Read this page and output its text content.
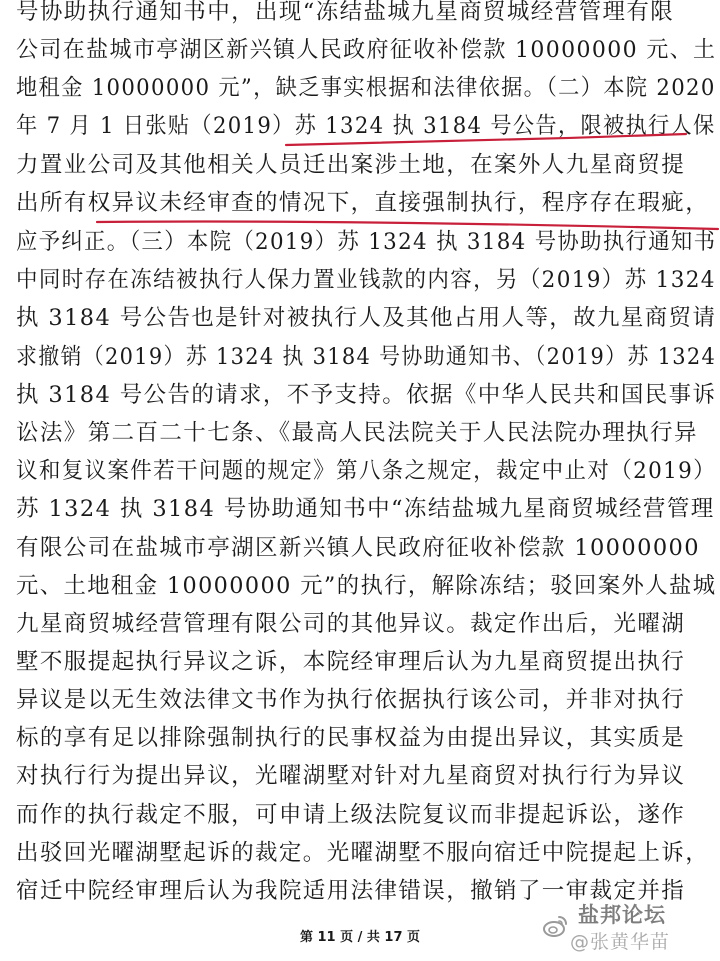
号协助执行通知书中，出现“冻结盐城九星商贸城经营管理有限
公司在盐城市亭湖区新兴镇人民政府征收补偿款 10000000 元、土
地租金 10000000 元”，缺乏事实根据和法律依据。（二）本院 2020
年 7 月 1 日张贴（2019）苏 1324 执 3184 号公告，限被执行人保
力置业公司及其他相关人员迁出案涉土地，在案外人九星商贸提
出所有权异议未经审查的情况下，直接强制执行，程序存在瑕疵，
应予纠正。（三）本院（2019）苏 1324 执 3184 号协助执行通知书
中同时存在冻结被执行人保力置业钱款的内容，另（2019）苏 1324
执 3184 号公告也是针对被执行人及其他占用人等，故九星商贸请
求撤销（2019）苏 1324 执 3184 号协助通知书、（2019）苏 1324
执 3184 号公告的请求，不予支持。依据《中华人民共和国民事诉
讼法》第二百二十七条、《最高人民法院关于人民法院办理执行异
议和复议案件若干问题的规定》第八条之规定，裁定中止对（2019）
苏 1324 执 3184 号协助通知书中“冻结盐城九星商贸城经营管理
有限公司在盐城市亭湖区新兴镇人民政府征收补偿款 10000000
元、土地租金 10000000 元”的执行，解除冻结；驳回案外人盐城
九星商贸城经营管理有限公司的其他异议。裁定作出后，光曜湖
墅不服提起执行异议之诉，本院经审理后认为九星商贸提出执行
异议是以无生效法律文书作为执行依据执行该公司，并非对执行
标的享有足以排除强制执行的民事权益为由提出异议，其实质是
对执行行为提出异议，光曜湖墅对针对九星商贸对执行行为异议
而作的执行裁定不服，可申请上级法院复议而非提起诉讼，遂作
出驳回光曜湖墅起诉的裁定。光曜湖墅不服向宿迁中院提起上诉，
宿迁中院经审理后认为我院适用法律错误，撤销了一审裁定并指
第 11 页 / 共 17 页
盐邦论坛
@张黄华苗
